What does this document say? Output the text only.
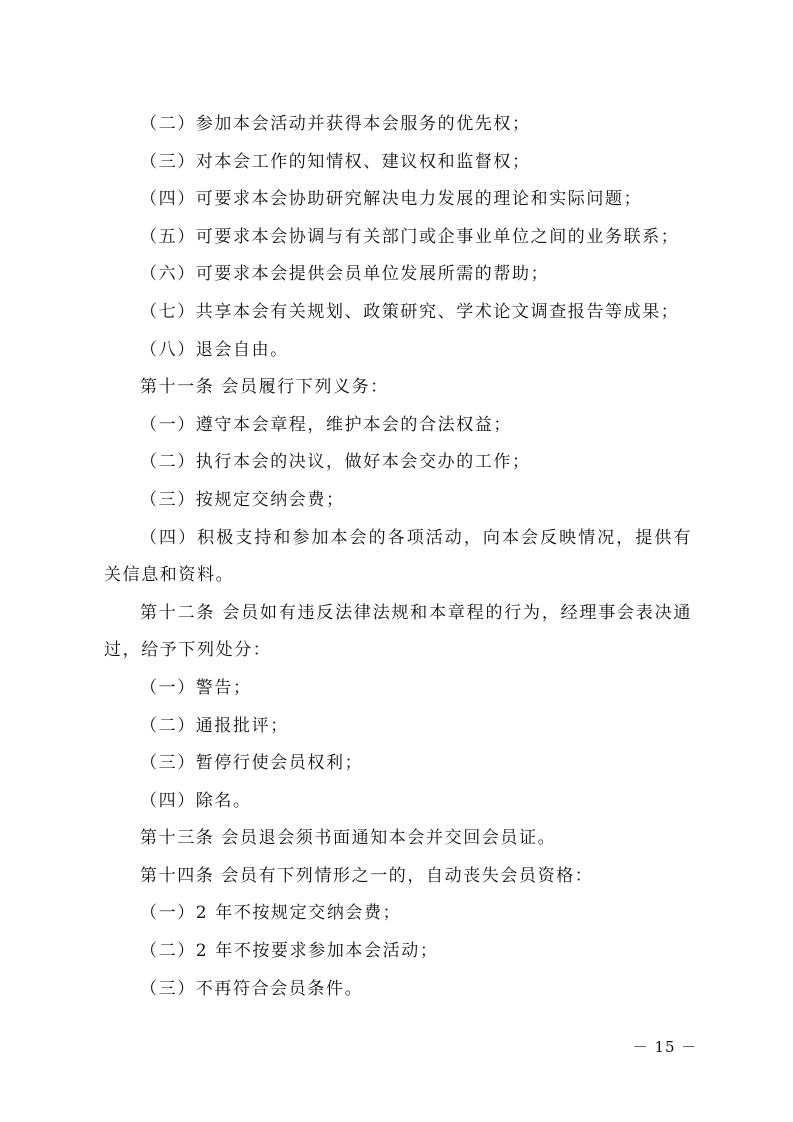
（二）参加本会活动并获得本会服务的优先权；

（三）对本会工作的知情权、建议权和监督权；

（四）可要求本会协助研究解决电力发展的理论和实际问题；

（五）可要求本会协调与有关部门或企事业单位之间的业务联系；

（六）可要求本会提供会员单位发展所需的帮助；

（七）共享本会有关规划、政策研究、学术论文调查报告等成果；

（八）退会自由。

第十一条 会员履行下列义务：

（一）遵守本会章程，维护本会的合法权益；

（二）执行本会的决议，做好本会交办的工作；

（三）按规定交纳会费；

（四）积极支持和参加本会的各项活动，向本会反映情况，提供有关信息和资料。

第十二条 会员如有违反法律法规和本章程的行为，经理事会表决通过，给予下列处分：

（一）警告；

（二）通报批评；

（三）暂停行使会员权利；

（四）除名。

第十三条 会员退会须书面通知本会并交回会员证。

第十四条 会员有下列情形之一的，自动丧失会员资格：

（一）2 年不按规定交纳会费；

（二）2 年不按要求参加本会活动；

（三）不再符合会员条件。

－ 15 －
